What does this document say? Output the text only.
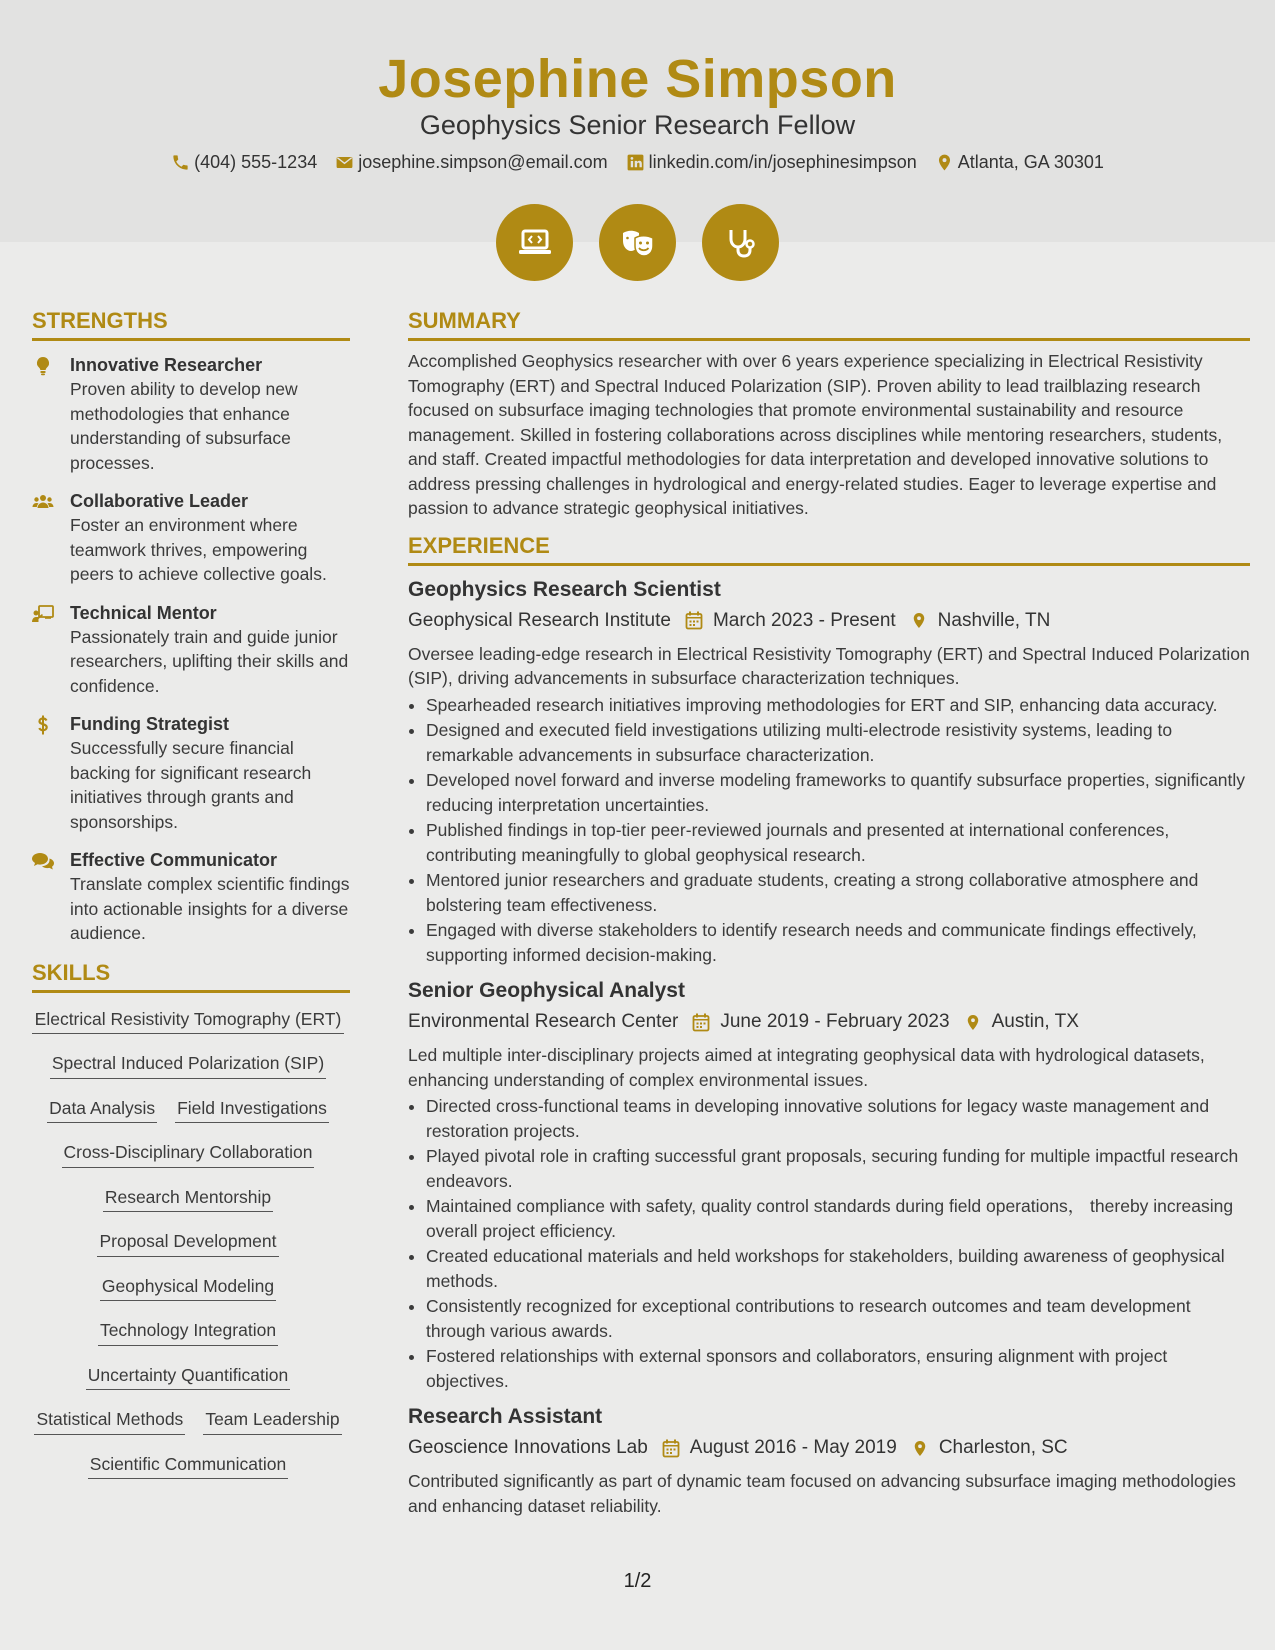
Josephine Simpson
Geophysics Senior Research Fellow
(404) 555-1234 josephine.simpson@email.com linkedin.com/in/josephinesimpson Atlanta, GA 30301
STRENGTHS
Innovative Researcher

Proven ability to develop new methodologies that enhance understanding of subsurface processes.

Collaborative Leader

Foster an environment where teamwork thrives, empowering peers to achieve collective goals.

Technical Mentor

Passionately train and guide junior researchers, uplifting their skills and confidence.

Funding Strategist

Successfully secure financial backing for significant research initiatives through grants and sponsorships.

Effective Communicator

Translate complex scientific findings into actionable insights for a diverse audience.

SKILLS
Electrical Resistivity Tomography (ERT)
Spectral Induced Polarization (SIP)
Data Analysis Field Investigations
Cross-Disciplinary Collaboration
Research Mentorship
Proposal Development
Geophysical Modeling
Technology Integration
Uncertainty Quantification
Statistical Methods Team Leadership
Scientific Communication
SUMMARY

Accomplished Geophysics researcher with over 6 years experience specializing in Electrical Resistivity Tomography (ERT) and Spectral Induced Polarization (SIP). Proven ability to lead trailblazing research focused on subsurface imaging technologies that promote environmental sustainability and resource management. Skilled in fostering collaborations across disciplines while mentoring researchers, students, and staff. Created impactful methodologies for data interpretation and developed innovative solutions to address pressing challenges in hydrological and energy-related studies. Eager to leverage expertise and passion to advance strategic geophysical initiatives.

EXPERIENCE
Geophysics Research Scientist
Geophysical Research Institute March 2023 - Present Nashville, TN

Oversee leading-edge research in Electrical Resistivity Tomography (ERT) and Spectral Induced Polarization (SIP), driving advancements in subsurface characterization techniques.

• Spearheaded research initiatives improving methodologies for ERT and SIP, enhancing data accuracy.
• Designed and executed field investigations utilizing multi-electrode resistivity systems, leading to remarkable advancements in subsurface characterization.
• Developed novel forward and inverse modeling frameworks to quantify subsurface properties, significantly reducing interpretation uncertainties.
• Published findings in top-tier peer-reviewed journals and presented at international conferences, contributing meaningfully to global geophysical research.
• Mentored junior researchers and graduate students, creating a strong collaborative atmosphere and bolstering team effectiveness.
• Engaged with diverse stakeholders to identify research needs and communicate findings effectively, supporting informed decision-making.
Senior Geophysical Analyst
Environmental Research Center June 2019 - February 2023 Austin, TX

Led multiple inter-disciplinary projects aimed at integrating geophysical data with hydrological datasets, enhancing understanding of complex environmental issues.

• Directed cross-functional teams in developing innovative solutions for legacy waste management and restoration projects.
• Played pivotal role in crafting successful grant proposals, securing funding for multiple impactful research endeavors.
• Maintained compliance with safety, quality control standards during field operations， thereby increasing overall project efficiency.
• Created educational materials and held workshops for stakeholders, building awareness of geophysical methods.
• Consistently recognized for exceptional contributions to research outcomes and team development through various awards.
• Fostered relationships with external sponsors and collaborators, ensuring alignment with project objectives.
Research Assistant
Geoscience Innovations Lab August 2016 - May 2019 Charleston, SC

Contributed significantly as part of dynamic team focused on advancing subsurface imaging methodologies and enhancing dataset reliability.

1/2
